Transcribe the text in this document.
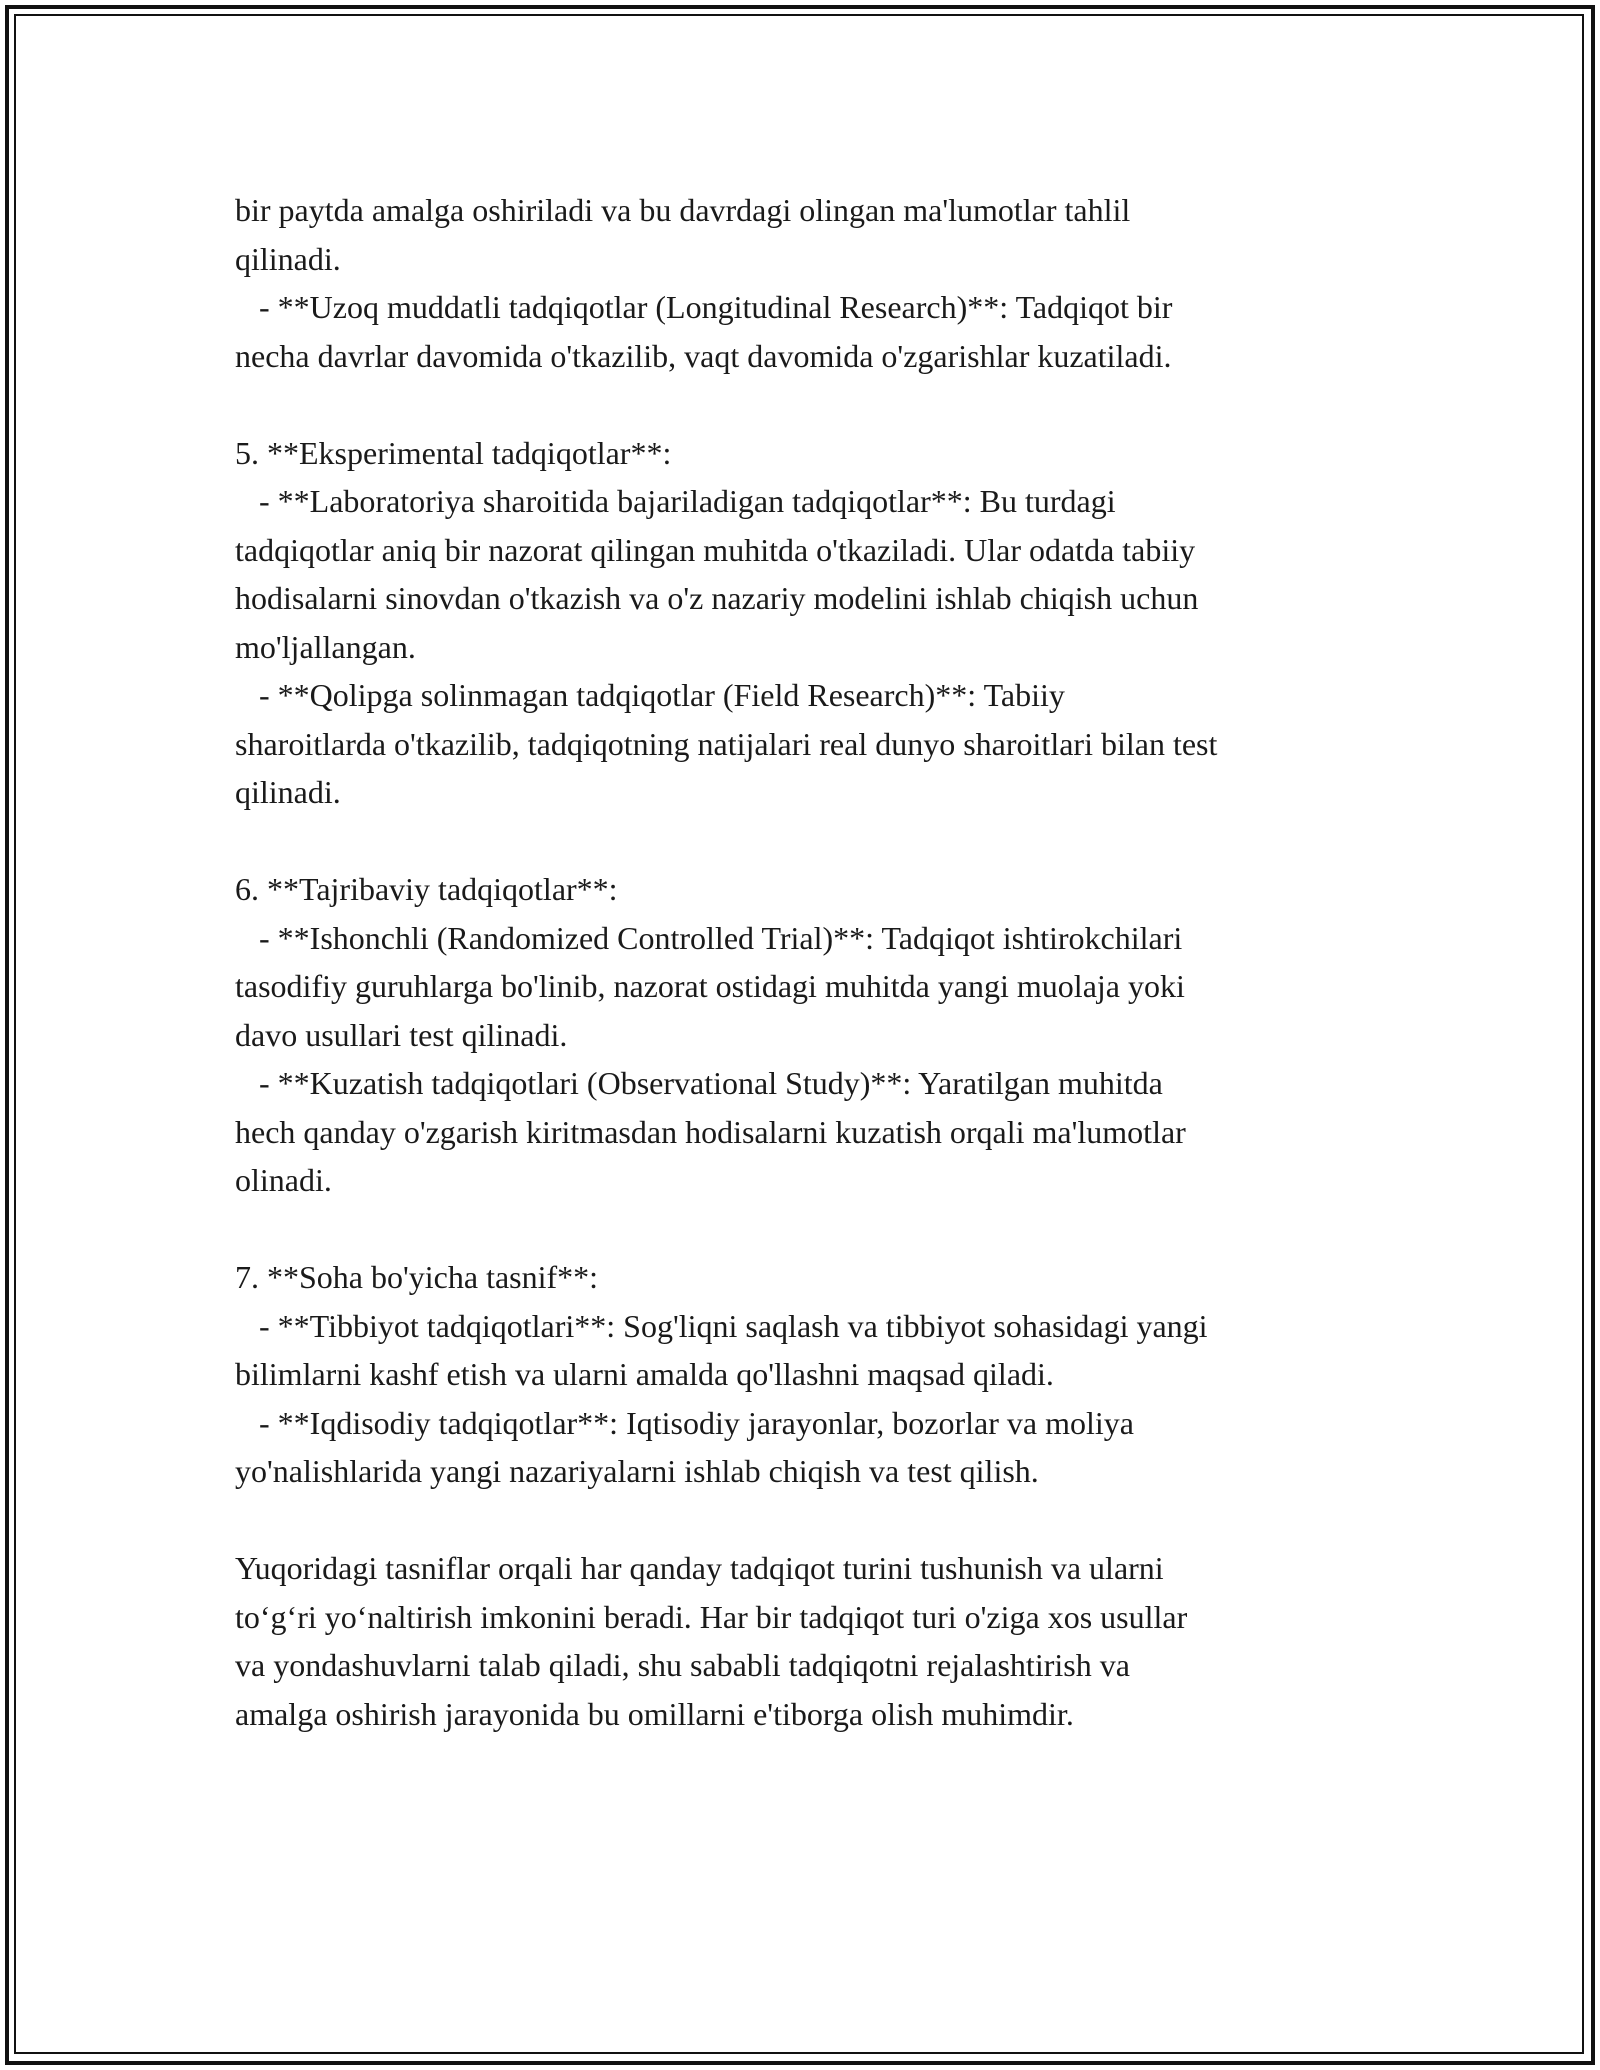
bir paytda amalga oshiriladi va bu davrdagi olingan ma'lumotlar tahlil
qilinadi.
- **Uzoq muddatli tadqiqotlar (Longitudinal Research)**: Tadqiqot bir
necha davrlar davomida o'tkazilib, vaqt davomida o'zgarishlar kuzatiladi.
5. **Eksperimental tadqiqotlar**:
- **Laboratoriya sharoitida bajariladigan tadqiqotlar**: Bu turdagi
tadqiqotlar aniq bir nazorat qilingan muhitda o'tkaziladi. Ular odatda tabiiy
hodisalarni sinovdan o'tkazish va o'z nazariy modelini ishlab chiqish uchun
mo'ljallangan.
- **Qolipga solinmagan tadqiqotlar (Field Research)**: Tabiiy
sharoitlarda o'tkazilib, tadqiqotning natijalari real dunyo sharoitlari bilan test
qilinadi.
6. **Tajribaviy tadqiqotlar**:
- **Ishonchli (Randomized Controlled Trial)**: Tadqiqot ishtirokchilari
tasodifiy guruhlarga bo'linib, nazorat ostidagi muhitda yangi muolaja yoki
davo usullari test qilinadi.
- **Kuzatish tadqiqotlari (Observational Study)**: Yaratilgan muhitda
hech qanday o'zgarish kiritmasdan hodisalarni kuzatish orqali ma'lumotlar
olinadi.
7. **Soha bo'yicha tasnif**:
- **Tibbiyot tadqiqotlari**: Sog'liqni saqlash va tibbiyot sohasidagi yangi
bilimlarni kashf etish va ularni amalda qo'llashni maqsad qiladi.
- **Iqdisodiy tadqiqotlar**: Iqtisodiy jarayonlar, bozorlar va moliya
yo'nalishlarida yangi nazariyalarni ishlab chiqish va test qilish.
Yuqoridagi tasniflar orqali har qanday tadqiqot turini tushunish va ularni
to‘g‘ri yo‘naltirish imkonini beradi. Har bir tadqiqot turi o'ziga xos usullar
va yondashuvlarni talab qiladi, shu sababli tadqiqotni rejalashtirish va
amalga oshirish jarayonida bu omillarni e'tiborga olish muhimdir.
